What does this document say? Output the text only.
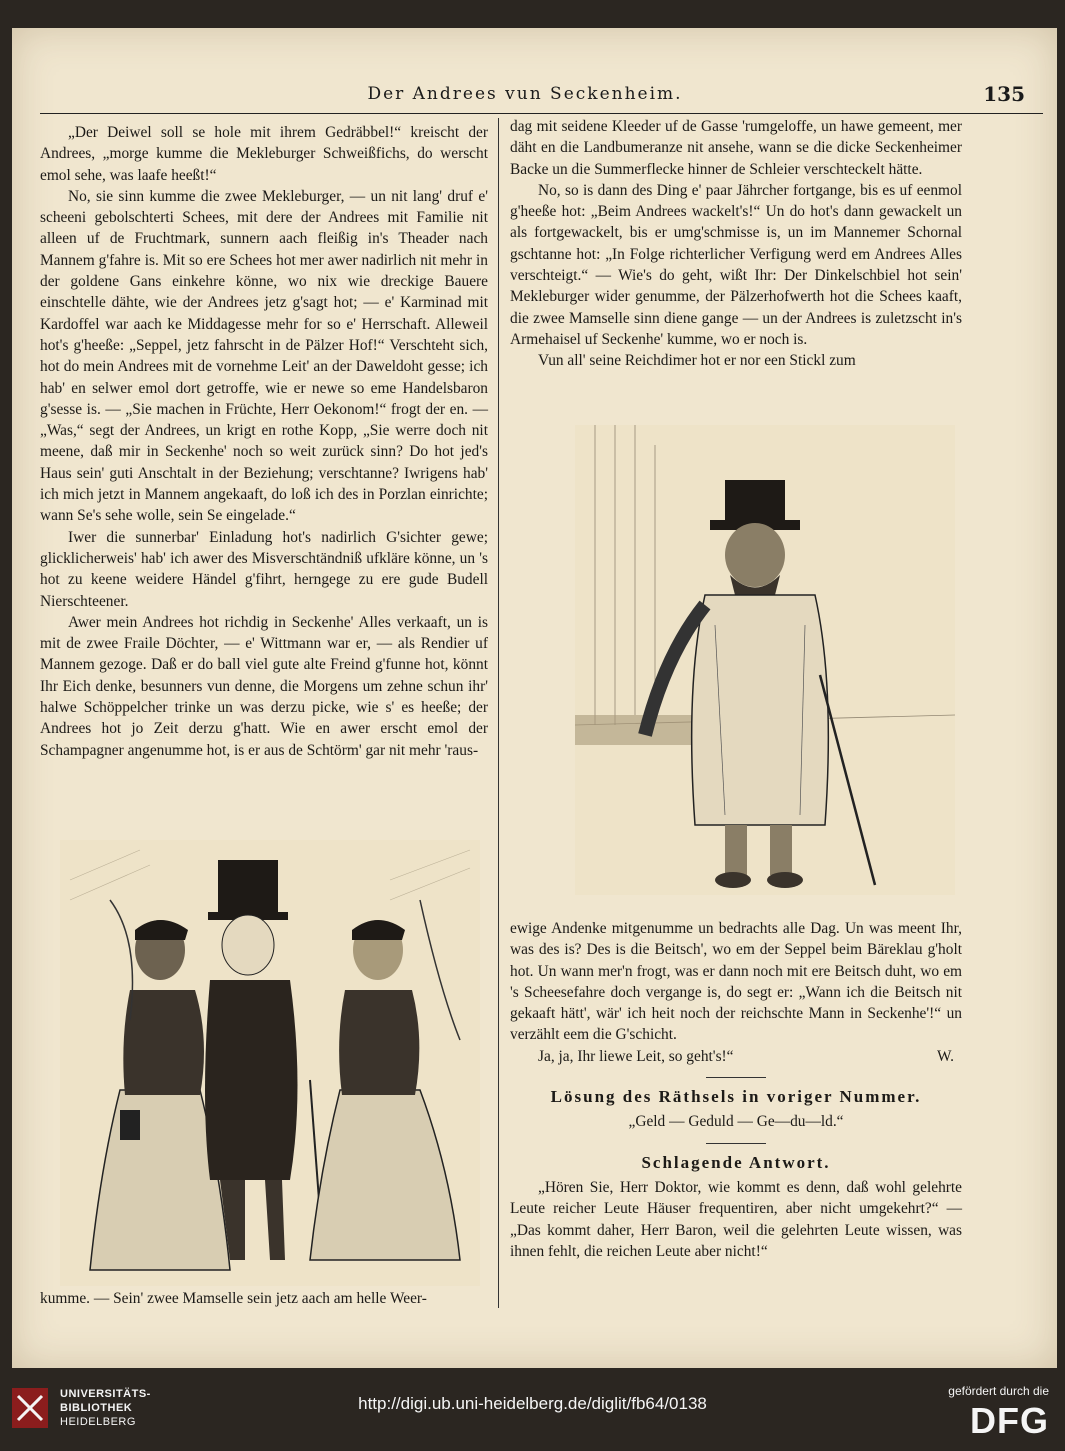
Der Andrees vun Seckenheim.	135

„Der Deiwel soll se hole mit ihrem Gedräbbel!“ kreischt der Andrees, „morge kumme die Mekleburger Schweißfichs, do werscht emol sehe, was laafe heeßt!“

No, sie sinn kumme die zwee Mekleburger, — un nit lang' druf e' scheeni gebolschterti Schees, mit dere der Andrees mit Familie nit alleen uf de Fruchtmark, sunnern aach fleißig in's Theader nach Mannem g'fahre is. Mit so ere Schees hot mer awer nadirlich nit mehr in der goldene Gans einkehre könne, wo nix wie dreckige Bauere einschtelle dähte, wie der Andrees jetz g'sagt hot; — e' Karminad mit Kardoffel war aach ke Middagesse mehr for so e' Herrschaft. Alleweil hot's g'heeße: „Seppel, jetz fahrscht in de Pälzer Hof!“ Verschteht sich, hot do mein Andrees mit de vornehme Leit' an der Daweldoht gesse; ich hab' en selwer emol dort getroffe, wie er newe so eme Handelsbaron g'sesse is. — „Sie machen in Früchte, Herr Oekonom!“ frogt der en. — „Was,“ segt der Andrees, un krigt en rothe Kopp, „Sie werre doch nit meene, daß mir in Seckenhe' noch so weit zurück sinn? Do hot jed's Haus sein' guti Anschtalt in der Beziehung; verschtanne? Iwrigens hab' ich mich jetzt in Mannem angekaaft, do loß ich des in Porzlan einrichte; wann Se's sehe wolle, sein Se eingelade.“

Iwer die sunnerbar' Einladung hot's nadirlich G'sichter gewe; glicklicherweis' hab' ich awer des Misverschtändniß ufkläre könne, un 's hot zu keene weidere Händel g'fihrt, herngege zu ere gude Budell Nierschteener.

Awer mein Andrees hot richdig in Seckenhe' Alles verkaaft, un is mit de zwee Fraile Döchter, — e' Wittmann war er, — als Rendier uf Mannem gezoge. Daß er do ball viel gute alte Freind g'funne hot, könnt Ihr Eich denke, besunners vun denne, die Morgens um zehne schun ihr' halwe Schöppelcher trinke un was derzu picke, wie s' es heeße; der Andrees hot jo Zeit derzu g'hatt. Wie en awer erscht emol der Schampagner angenumme hot, is er aus de Schtörm' gar nit mehr 'raus-

kumme. — Sein' zwee Mamselle sein jetz aach am helle Weer-

dag mit seidene Kleeder uf de Gasse 'rumgeloffe, un hawe gemeent, mer däht en die Landbumeranze nit ansehe, wann se die dicke Seckenheimer Backe un die Summerflecke hinner de Schleier verschteckelt hätte.

No, so is dann des Ding e' paar Jährcher fortgange, bis es uf eenmol g'heeße hot: „Beim Andrees wackelt's!“ Un do hot's dann gewackelt un als fortgewackelt, bis er umg'schmisse is, un im Mannemer Schornal gschtanne hot: „In Folge richterlicher Verfigung werd em Andrees Alles verschteigt.“ — Wie's do geht, wißt Ihr: Der Dinkelschbiel hot sein' Mekleburger wider genumme, der Pälzerhofwerth hot die Schees kaaft, die zwee Mamselle sinn diene gange — un der Andrees is zuletzscht in's Armehaisel uf Seckenhe' kumme, wo er noch is.

Vun all' seine Reichdimer hot er nor een Stickl zum

ewige Andenke mitgenumme un bedrachts alle Dag. Un was meent Ihr, was des is? Des is die Beitsch', wo em der Seppel beim Bäreklau g'holt hot. Un wann mer'n frogt, was er dann noch mit ere Beitsch duht, wo em 's Scheesefahre doch vergange is, do segt er: „Wann ich die Beitsch nit gekaaft hätt', wär' ich heit noch der reichschte Mann in Seckenhe'!“ un verzählt eem die G'schicht.

Ja, ja, Ihr liewe Leit, so geht's!“	W.
Lösung des Räthsels in voriger Nummer.
„Geld — Geduld — Ge—du—ld.“
Schlagende Antwort.

„Hören Sie, Herr Doktor, wie kommt es denn, daß wohl gelehrte Leute reicher Leute Häuser frequentiren, aber nicht umgekehrt?“ — „Das kommt daher, Herr Baron, weil die gelehrten Leute wissen, was ihnen fehlt, die reichen Leute aber nicht!“

UNIVERSITÄTS-
BIBLIOTHEK
HEIDELBERG
http://digi.ub.uni-heidelberg.de/diglit/fb64/0138
gefördert durch die
DFG
